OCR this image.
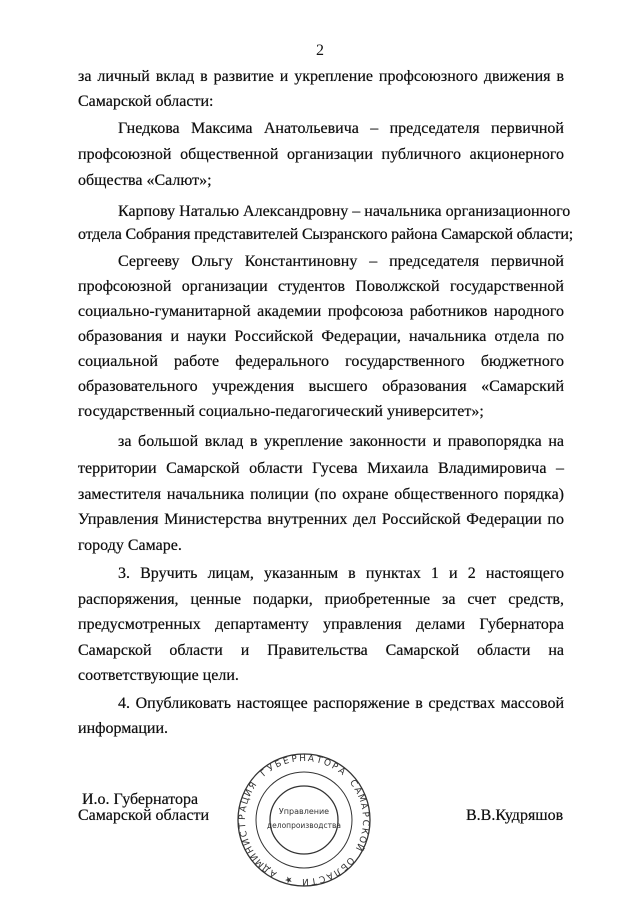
2
за личный вклад в развитие и укрепление профсоюзного движения в
Самарской области:
Гнедкова Максима Анатольевича – председателя первичной
профсоюзной общественной организации публичного акционерного
общества «Салют»;
Карпову Наталью Александровну – начальника организационного
отдела Собрания представителей Сызранского района Самарской области;
Сергееву Ольгу Константиновну – председателя первичной
профсоюзной организации студентов Поволжской государственной
социально-гуманитарной академии профсоюза работников народного
образования и науки Российской Федерации, начальника отдела по
социальной работе федерального государственного бюджетного
образовательного учреждения высшего образования «Самарский
государственный социально-педагогический университет»;
за большой вклад в укрепление законности и правопорядка на
территории Самарской области Гусева Михаила Владимировича –
заместителя начальника полиции (по охране общественного порядка)
Управления Министерства внутренних дел Российской Федерации по
городу Самаре.
3. Вручить лицам, указанным в пунктах 1 и 2 настоящего
распоряжения, ценные подарки, приобретенные за счет средств,
предусмотренных департаменту управления делами Губернатора
Самарской области и Правительства Самарской области на
соответствующие цели.
4. Опубликовать настоящее распоряжение в средствах массовой
информации.
А
Д
М
И
Н
И
С
Т
Р
А
Ц
И
Я
Г
У
Б
Е Р Н А Т
О
Р
А
С
А
М
А
Р
С
К
О
Й
О
Б
Л
А
С
Т
И
★
Управление
делопроизводства
И.о. Губернатора
Самарской области	В.В.Кудряшов
